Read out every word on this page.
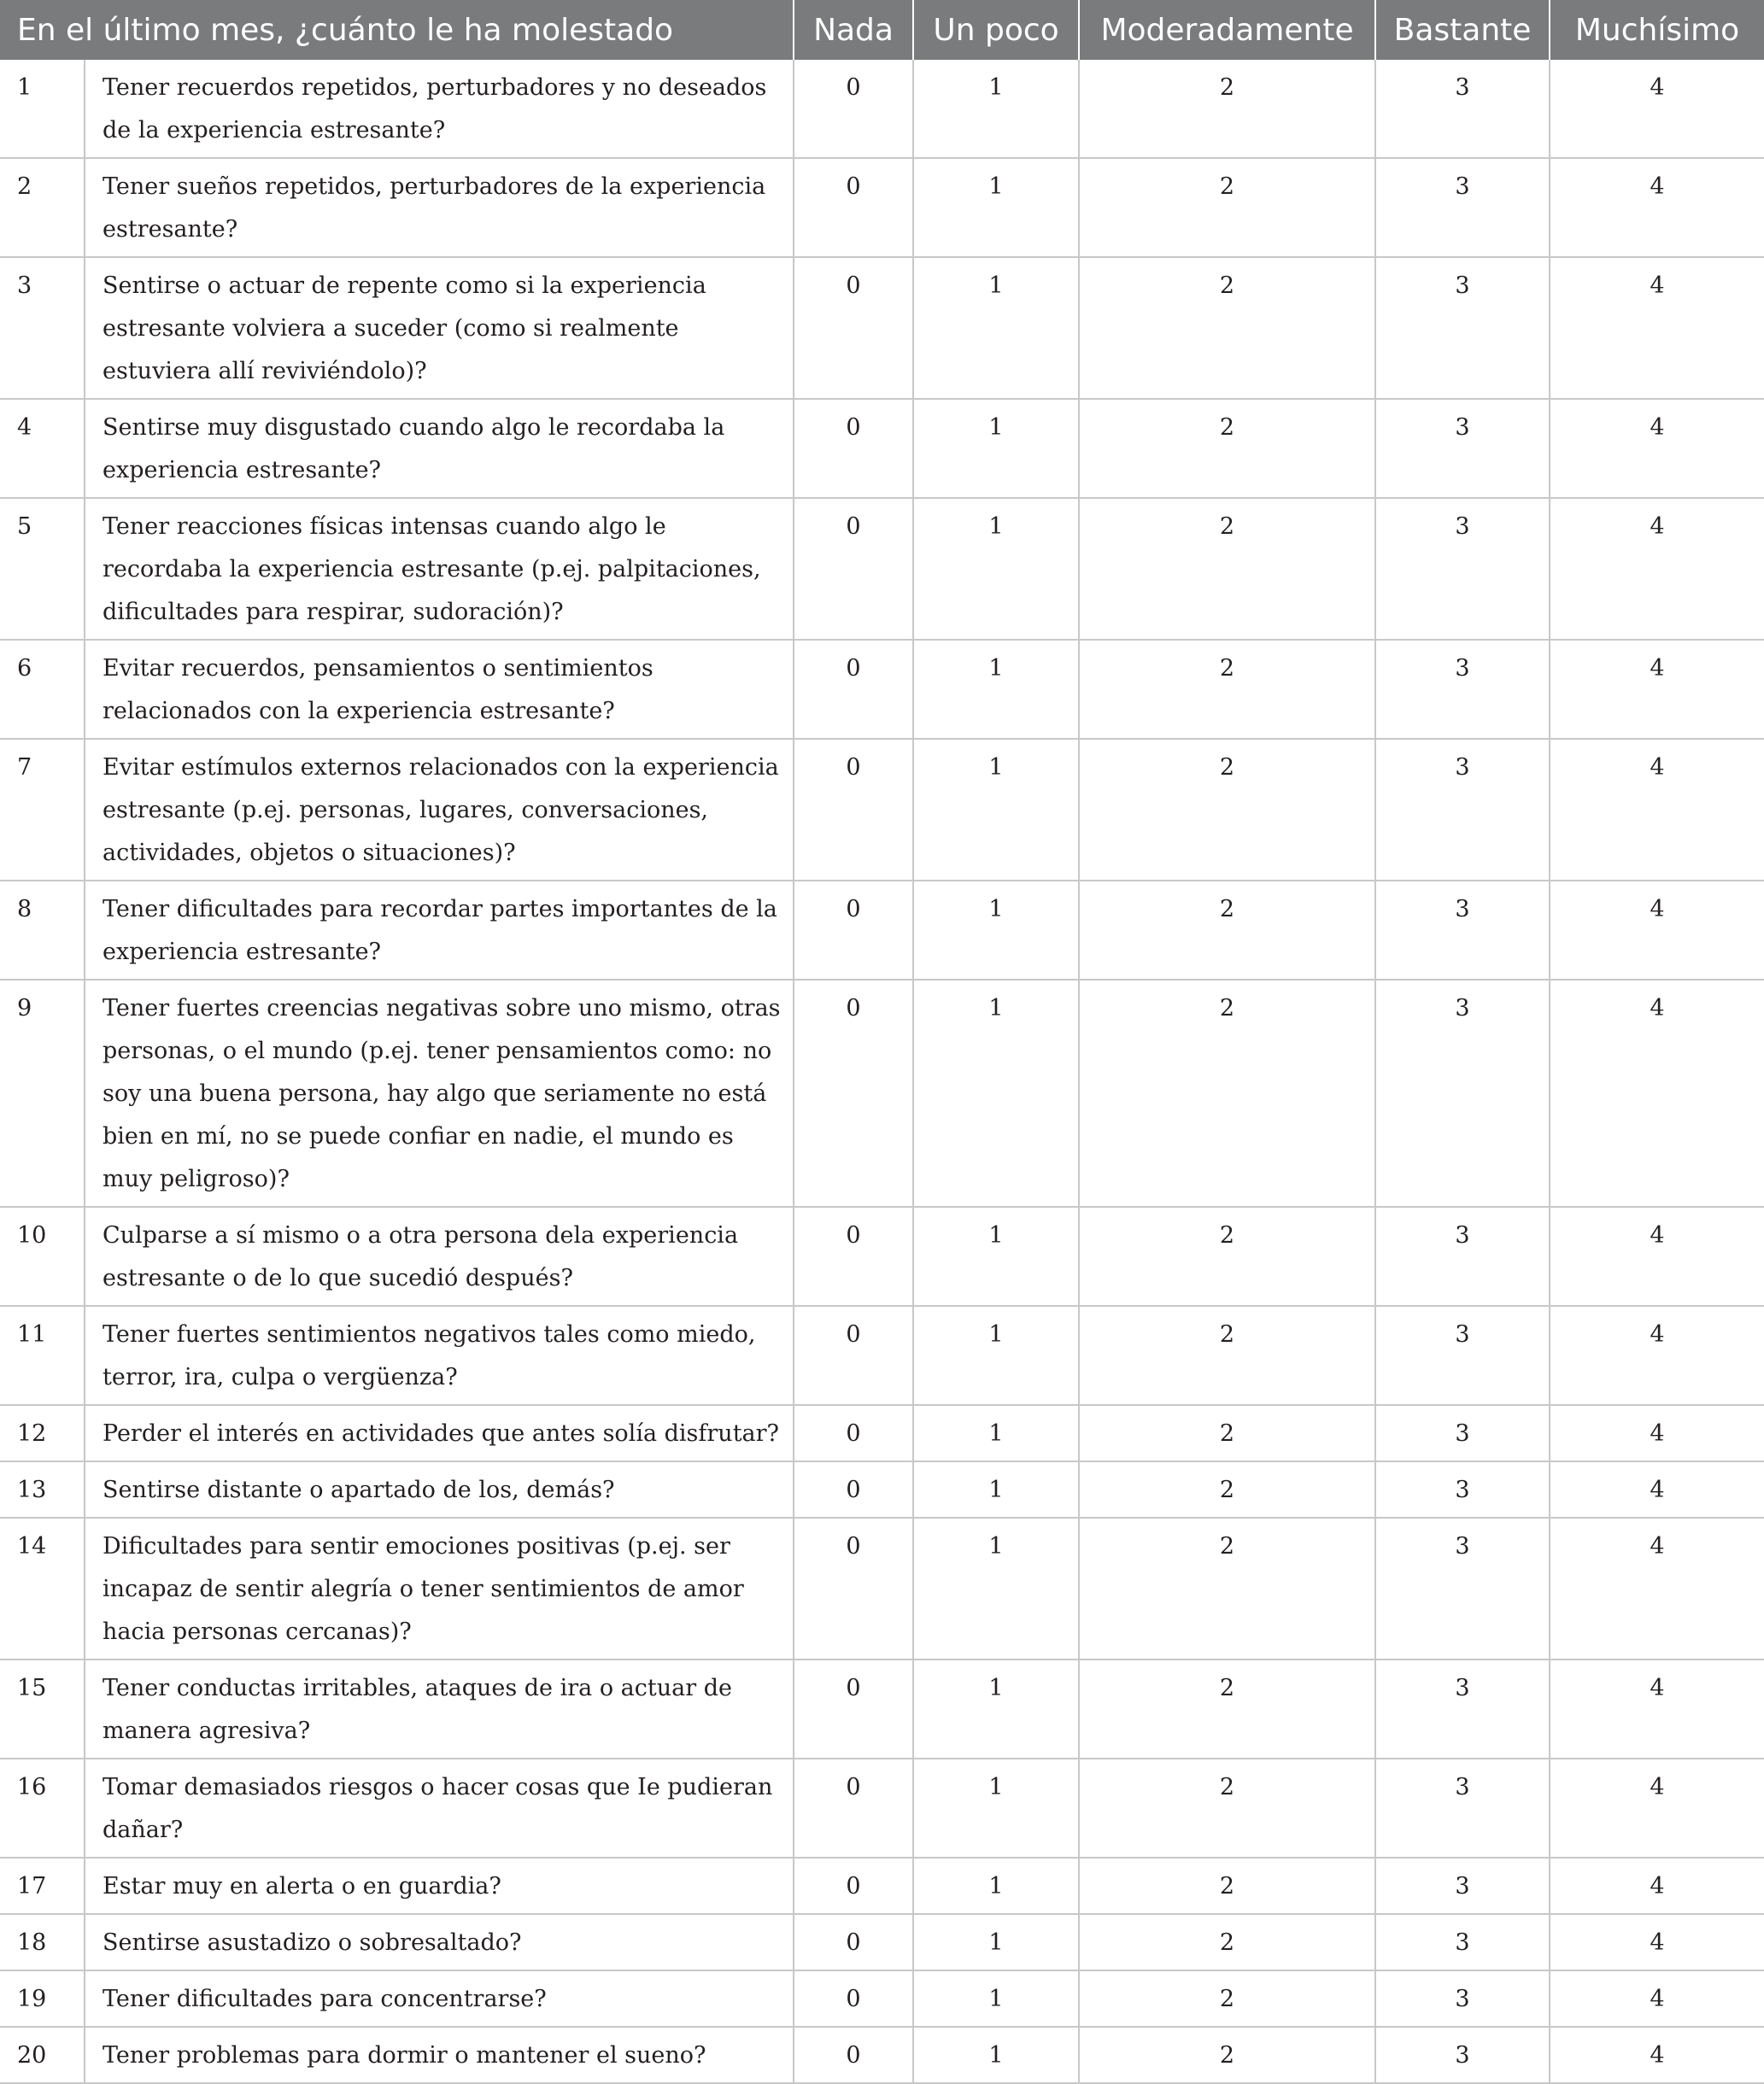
En el último mes, ¿cuánto le ha molestado		Nada	Un poco	Moderadamente	Bastante	Muchísimo
1	Tener recuerdos repetidos, perturbadores y no deseados de la experiencia estresante?	0	1	2	3	4
2	Tener sueños repetidos, perturbadores de la experiencia estresante?	0	1	2	3	4
3	Sentirse o actuar de repente como si la experiencia estresante volviera a suceder (como si realmente estuviera allí reviviéndolo)?	0	1	2	3	4
4	Sentirse muy disgustado cuando algo le recordaba la experiencia estresante?	0	1	2	3	4
5	Tener reacciones físicas intensas cuando algo le recordaba la experiencia estresante (p.ej. palpitaciones, dificultades para respirar, sudoración)?	0	1	2	3	4
6	Evitar recuerdos, pensamientos o sentimientos relacionados con la experiencia estresante?	0	1	2	3	4
7	Evitar estímulos externos relacionados con la experiencia estresante (p.ej. personas, lugares, conversaciones, actividades, objetos o situaciones)?	0	1	2	3	4
8	Tener dificultades para recordar partes importantes de la experiencia estresante?	0	1	2	3	4
9	Tener fuertes creencias negativas sobre uno mismo, otras personas, o el mundo (p.ej. tener pensamientos como: no soy una buena persona, hay algo que seriamente no está bien en mí, no se puede confiar en nadie, el mundo es muy peligroso)?	0	1	2	3	4
10	Culparse a sí mismo o a otra persona dela experiencia estresante o de lo que sucedió después?	0	1	2	3	4
11	Tener fuertes sentimientos negativos tales como miedo, terror, ira, culpa o vergüenza?	0	1	2	3	4
12	Perder el interés en actividades que antes solía disfrutar?	0	1	2	3	4
13	Sentirse distante o apartado de los, demás?	0	1	2	3	4
14	Dificultades para sentir emociones positivas (p.ej. ser incapaz de sentir alegría o tener sentimientos de amor hacia personas cercanas)?	0	1	2	3	4
15	Tener conductas irritables, ataques de ira o actuar de manera agresiva?	0	1	2	3	4
16	Tomar demasiados riesgos o hacer cosas que Ie pudieran dañar?	0	1	2	3	4
17	Estar muy en alerta o en guardia?	0	1	2	3	4
18	Sentirse asustadizo o sobresaltado?	0	1	2	3	4
19	Tener dificultades para concentrarse?	0	1	2	3	4
20	Tener problemas para dormir o mantener el sueno?	0	1	2	3	4
